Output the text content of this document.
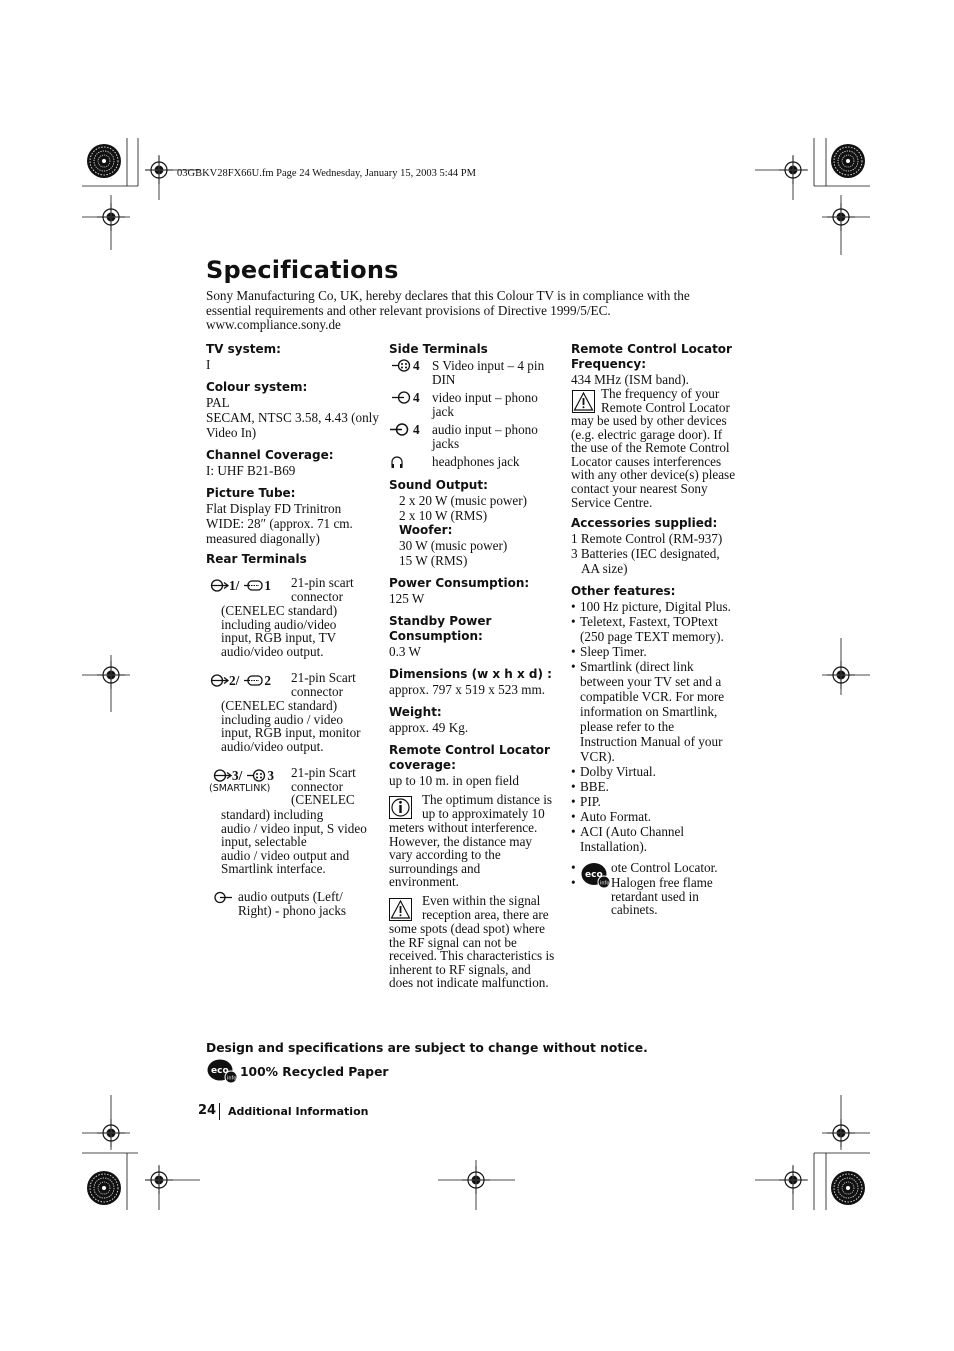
03GBKV28FX66U.fm Page 24 Wednesday, January 15, 2003 5:44 PM
Specifications
Sony Manufacturing Co, UK, hereby declares that this Colour TV is in compliance with the
essential requirements and other relevant provisions of Directive 1999/5/EC.
www.compliance.sony.de
TV system:
I
Colour system:
PAL
SECAM, NTSC 3.58, 4.43 (only
Video In)
Channel Coverage:
I: UHF B21-B69
Picture Tube:
Flat Display FD Trinitron
WIDE: 28″ (approx. 71 cm.
measured diagonally)
Rear Terminals
1/ 1 21-pin scart
connector
(CENELEC standard)
including audio/video
input, RGB input, TV
audio/video output.
2/ 2 21-pin Scart
connector
(CENELEC standard)
including audio / video
input, RGB input, monitor
audio/video output.
3/ 3
(SMARTLINK)
21-pin Scart
connector
(CENELEC
standard) including
audio / video input, S video
input, selectable
audio / video output and
Smartlink interface.
audio outputs (Left/
Right) - phono jacks
Side Terminals
4 S Video input – 4 pin
DIN
4 video input – phono
jack
4 audio input – phono
jacks
headphones jack
Sound Output:
2 x 20 W (music power)
2 x 10 W (RMS)
Woofer:
30 W (music power)
15 W (RMS)
Power Consumption:
125 W
Standby Power
Consumption:
0.3 W
Dimensions (w x h x d) :
approx. 797 x 519 x 523 mm.
Weight:
approx. 49 Kg.
Remote Control Locator
coverage:
up to 10 m. in open field
The optimum distance is
up to approximately 10
meters without interference.
However, the distance may
vary according to the
surroundings and
environment.
Even within the signal
reception area, there are
some spots (dead spot) where
the RF signal can not be
received. This characteristics is
inherent to RF signals, and
does not indicate malfunction.
Remote Control Locator
Frequency:
434 MHz (ISM band).
The frequency of your
Remote Control Locator
may be used by other devices
(e.g. electric garage door). If
the use of the Remote Control
Locator causes interferences
with any other device(s) please
contact your nearest Sony
Service Centre.
Accessories supplied:
1 Remote Control (RM-937)
3 Batteries (IEC designated,
AA size)
Other features:
• 100 Hz picture, Digital Plus.
• Teletext, Fastext, TOPtext
(250 page TEXT memory).
• Sleep Timer.
• Smartlink (direct link
between your TV set and a
compatible VCR. For more
information on Smartlink,
please refer to the
Instruction Manual of your
VCR).
• Dolby Virtual.
• BBE.
• PIP.
• Auto Format.
• ACI (Auto Channel
Installation).
•
•
ote Control Locator.
eco
info Halogen free flame
retardant used in
cabinets.
Design and specifications are subject to change without notice.
eco
info 100% Recycled Paper
24 Additional Information
